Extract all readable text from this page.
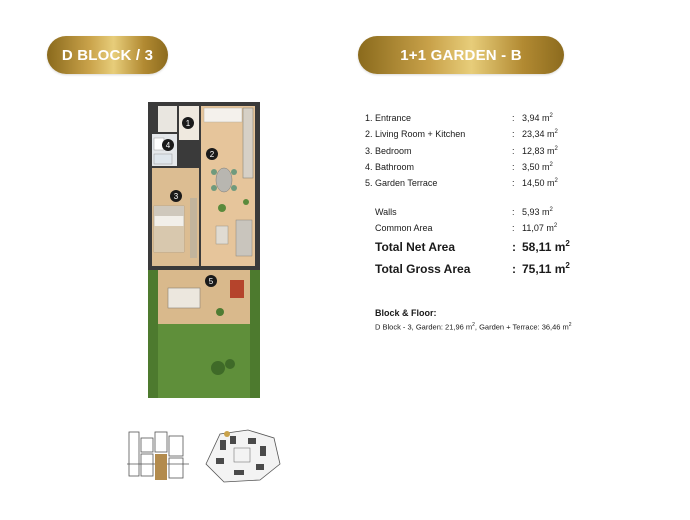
D BLOCK / 3	1+1 GARDEN - B
1
2
3
4
5
1. Entrance	: 3,94 $m^2$
2. Living Room + Kitchen	: 23,34 $m^2$
3. Bedroom	: 12,83 $m^2$
4. Bathroom	: 3,50 $m^2$
5. Garden Terrace	: 14,50 $m^2$
Walls	: 5,93 $m^2$
Common Area	: 11,07 $m^2$
Total Net Area	: 58,11 $m^2$
Total Gross Area	: 75,11 $m^2$
Block & Floor:
D Block - 3, Garden: 21,96 $m^2$, Garden + Terrace: 36,46 $m^2$
